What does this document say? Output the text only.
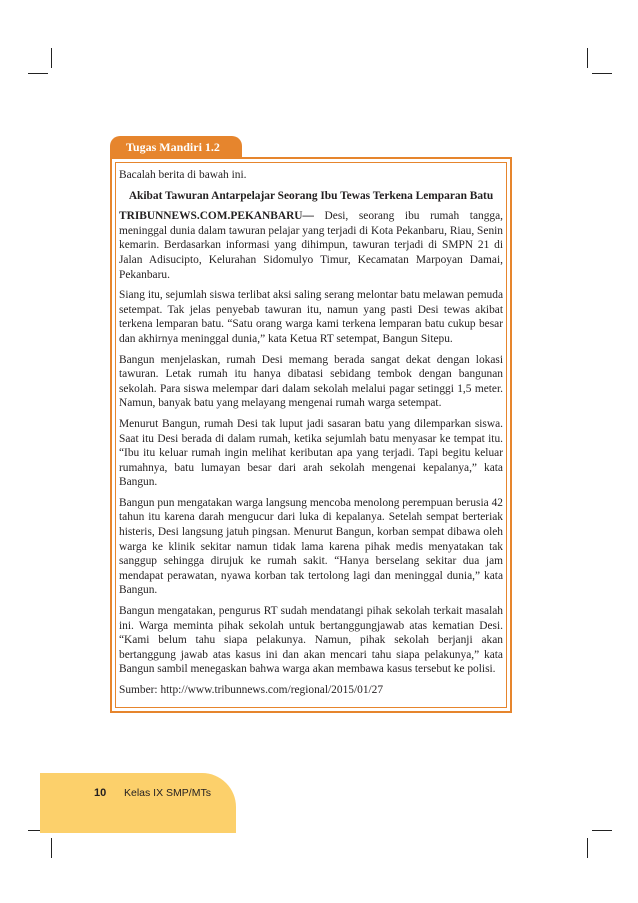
Tugas Mandiri 1.2

Bacalah berita di bawah ini.

Akibat Tawuran Antarpelajar Seorang Ibu Tewas Terkena Lemparan Batu

TRIBUNNEWS.COM.PEKANBARU— Desi, seorang ibu rumah tangga, meninggal dunia dalam tawuran pelajar yang terjadi di Kota Pekanbaru, Riau, Senin kemarin. Berdasarkan informasi yang dihimpun, tawuran terjadi di SMPN 21 di Jalan Adisucipto, Kelurahan Sidomulyo Timur, Kecamatan Marpoyan Damai, Pekanbaru.

Siang itu, sejumlah siswa terlibat aksi saling serang melontar batu melawan pemuda setempat. Tak jelas penyebab tawuran itu, namun yang pasti Desi tewas akibat terkena lemparan batu. “Satu orang warga kami terkena lemparan batu cukup besar dan akhirnya meninggal dunia,” kata Ketua RT setempat, Bangun Sitepu.

Bangun menjelaskan, rumah Desi memang berada sangat dekat dengan lokasi tawuran. Letak rumah itu hanya dibatasi sebidang tembok dengan bangunan sekolah. Para siswa melempar dari dalam sekolah melalui pagar setinggi 1,5 meter. Namun, banyak batu yang melayang mengenai rumah warga setempat.

Menurut Bangun, rumah Desi tak luput jadi sasaran batu yang dilemparkan siswa. Saat itu Desi berada di dalam rumah, ketika sejumlah batu menyasar ke tempat itu. “Ibu itu keluar rumah ingin melihat keributan apa yang terjadi. Tapi begitu keluar rumahnya, batu lumayan besar dari arah sekolah mengenai kepalanya,” kata Bangun.

Bangun pun mengatakan warga langsung mencoba menolong perempuan berusia 42 tahun itu karena darah mengucur dari luka di kepalanya. Setelah sempat berteriak histeris, Desi langsung jatuh pingsan. Menurut Bangun, korban sempat dibawa oleh warga ke klinik sekitar namun tidak lama karena pihak medis menyatakan tak sanggup sehingga dirujuk ke rumah sakit. “Hanya berselang sekitar dua jam mendapat perawatan, nyawa korban tak tertolong lagi dan meninggal dunia,” kata Bangun.

Bangun mengatakan, pengurus RT sudah mendatangi pihak sekolah terkait masalah ini. Warga meminta pihak sekolah untuk bertanggungjawab atas kematian Desi. “Kami belum tahu siapa pelakunya. Namun, pihak sekolah berjanji akan bertanggung jawab atas kasus ini dan akan mencari tahu siapa pelakunya,” kata Bangun sambil menegaskan bahwa warga akan membawa kasus tersebut ke polisi.

Sumber: http://www.tribunnews.com/regional/2015/01/27

10 Kelas IX SMP/MTs
